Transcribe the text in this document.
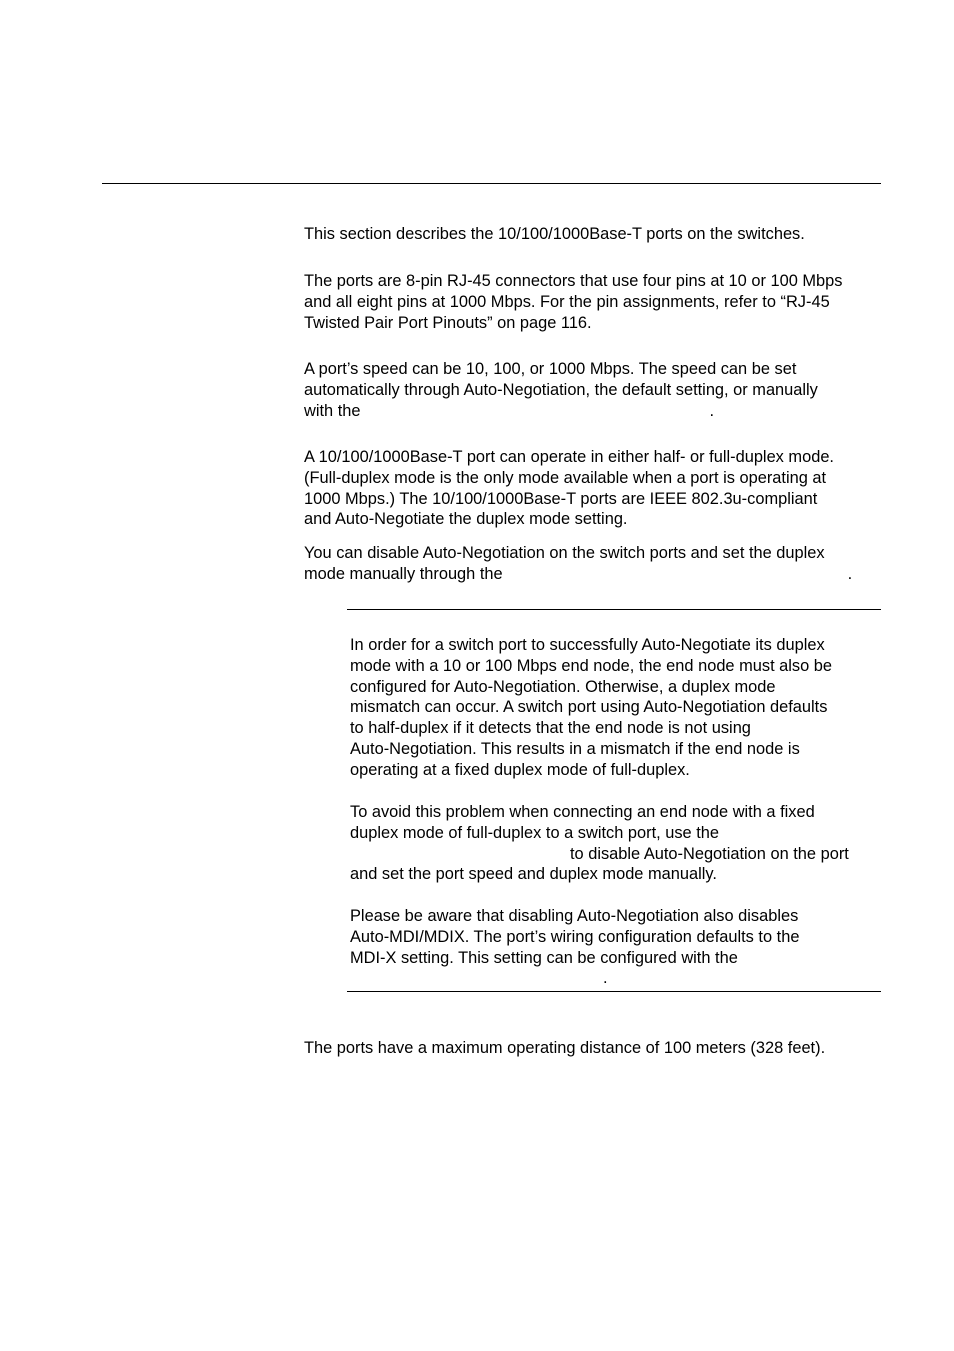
This section describes the 10/100/1000Base-T ports on the switches.

The ports are 8-pin RJ-45 connectors that use four pins at 10 or 100 Mbps
and all eight pins at 1000 Mbps. For the pin assignments, refer to “RJ-45
Twisted Pair Port Pinouts” on page 116.

A port’s speed can be 10, 100, or 1000 Mbps. The speed can be set
automatically through Auto-Negotiation, the default setting, or manually
with the	.

A 10/100/1000Base-T port can operate in either half- or full-duplex mode.
(Full-duplex mode is the only mode available when a port is operating at
1000 Mbps.) The 10/100/1000Base-T ports are IEEE 802.3u-compliant
and Auto-Negotiate the duplex mode setting.

You can disable Auto-Negotiation on the switch ports and set the duplex
mode manually through the	.

In order for a switch port to successfully Auto-Negotiate its duplex
mode with a 10 or 100 Mbps end node, the end node must also be
configured for Auto-Negotiation. Otherwise, a duplex mode
mismatch can occur. A switch port using Auto-Negotiation defaults
to half-duplex if it detects that the end node is not using
Auto-Negotiation. This results in a mismatch if the end node is
operating at a fixed duplex mode of full-duplex.

To avoid this problem when connecting an end node with a fixed
duplex mode of full-duplex to a switch port, use the
to disable Auto-Negotiation on the port
and set the port speed and duplex mode manually.

Please be aware that disabling Auto-Negotiation also disables
Auto-MDI/MDIX. The port’s wiring configuration defaults to the
MDI-X setting. This setting can be configured with the
.

The ports have a maximum operating distance of 100 meters (328 feet).
